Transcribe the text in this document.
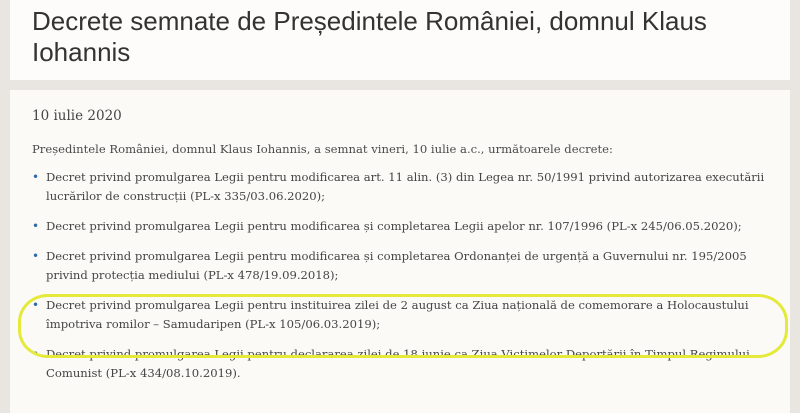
Decrete semnate de Președintele României, domnul Klaus Iohannis

10 iulie 2020

Președintele României, domnul Klaus Iohannis, a semnat vineri, 10 iulie a.c., următoarele decrete:

• Decret privind promulgarea Legii pentru modificarea art. 11 alin. (3) din Legea nr. 50/1991 privind autorizarea executării lucrărilor de construcții (PL-x 335/03.06.2020);
• Decret privind promulgarea Legii pentru modificarea și completarea Legii apelor nr. 107/1996 (PL-x 245/06.05.2020);
• Decret privind promulgarea Legii pentru modificarea și completarea Ordonanței de urgență a Guvernului nr. 195/2005 privind protecția mediului (PL-x 478/19.09.2018);
• Decret privind promulgarea Legii pentru instituirea zilei de 2 august ca Ziua națională de comemorare a Holocaustului împotriva romilor – Samudaripen (PL-x 105/06.03.2019);
• Decret privind promulgarea Legii pentru declararea zilei de 18 iunie ca Ziua Victimelor Deportării în Timpul Regimului Comunist (PL-x 434/08.10.2019).
